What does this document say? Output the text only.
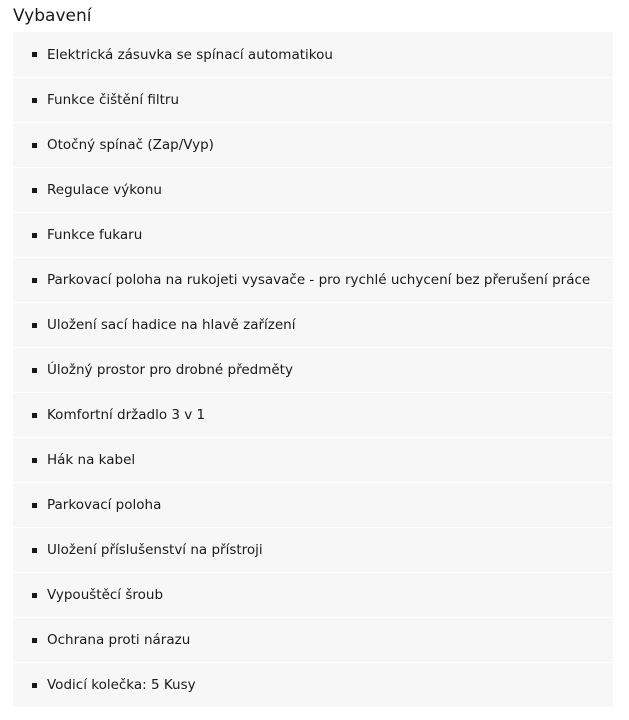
Vybavení
Elektrická zásuvka se spínací automatikou
Funkce čištění filtru
Otočný spínač (Zap/Vyp)
Regulace výkonu
Funkce fukaru
Parkovací poloha na rukojeti vysavače - pro rychlé uchycení bez přerušení práce
Uložení sací hadice na hlavě zařízení
Úložný prostor pro drobné předměty
Komfortní držadlo 3 v 1
Hák na kabel
Parkovací poloha
Uložení příslušenství na přístroji
Vypouštěcí šroub
Ochrana proti nárazu
Vodicí kolečka: 5 Kusy
